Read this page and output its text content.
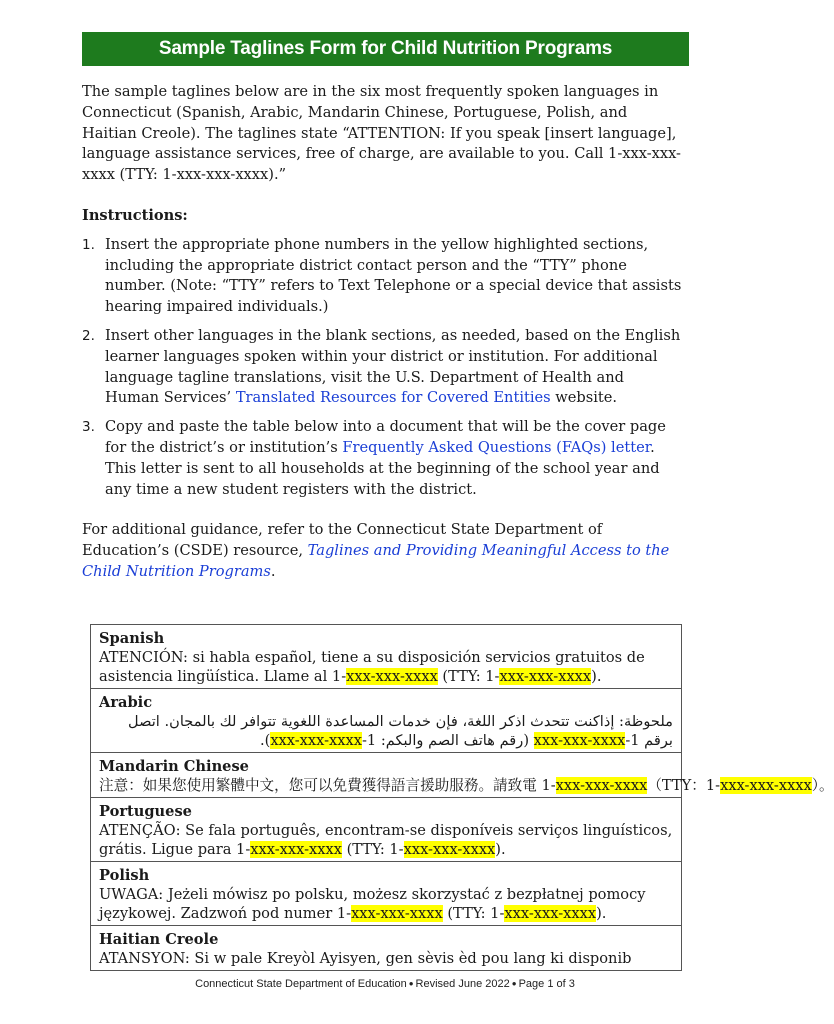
Sample Taglines Form for Child Nutrition Programs

The sample taglines below are in the six most frequently spoken languages in Connecticut (Spanish, Arabic, Mandarin Chinese, Portuguese, Polish, and Haitian Creole). The taglines state “ATTENTION: If you speak [insert language], language assistance services, free of charge, are available to you. Call 1-xxx-xxx-xxxx (TTY: 1-xxx-xxx-xxxx).”

Instructions:

1. Insert the appropriate phone numbers in the yellow highlighted sections, including the appropriate district contact person and the “TTY” phone number. (Note: “TTY” refers to Text Telephone or a special device that assists hearing impaired individuals.)
2. Insert other languages in the blank sections, as needed, based on the English learner languages spoken within your district or institution. For additional language tagline translations, visit the U.S. Department of Health and Human Services’ Translated Resources for Covered Entities website.
3. Copy and paste the table below into a document that will be the cover page for the district’s or institution’s Frequently Asked Questions (FAQs) letter. This letter is sent to all households at the beginning of the school year and any time a new student registers with the district.

For additional guidance, refer to the Connecticut State Department of Education’s (CSDE) resource, Taglines and Providing Meaningful Access to the Child Nutrition Programs.

Spanish
ATENCIÓN: si habla español, tiene a su disposición servicios gratuitos de asistencia lingüística. Llame al 1-xxx-xxx-xxxx (TTY: 1-xxx-xxx-xxxx).
Arabic
ملحوظة: إذاكنت تتحدث اذكر اللغة، فإن خدمات المساعدة اللغوية تتوافر لك بالمجان. اتصل
برقم 1-xxx-xxx-xxxx (رقم هاتف الصم والبكم: 1-xxx-xxx-xxxx).
Mandarin Chinese
注意：如果您使用繁體中文，您可以免費獲得語言援助服務。請致電 1-xxx-xxx-xxxx（TTY：1-xxx-xxx-xxxx）。
Portuguese
ATENÇÃO: Se fala português, encontram-se disponíveis serviços linguísticos, grátis. Ligue para 1-xxx-xxx-xxxx (TTY: 1-xxx-xxx-xxxx).
Polish
UWAGA: Jeżeli mówisz po polsku, możesz skorzystać z bezpłatnej pomocy językowej. Zadzwoń pod numer 1-xxx-xxx-xxxx (TTY: 1-xxx-xxx-xxxx).
Haitian Creole
ATANSYON: Si w pale Kreyòl Ayisyen, gen sèvis èd pou lang ki disponib
Connecticut State Department of Education ● Revised June 2022 ● Page 1 of 3
